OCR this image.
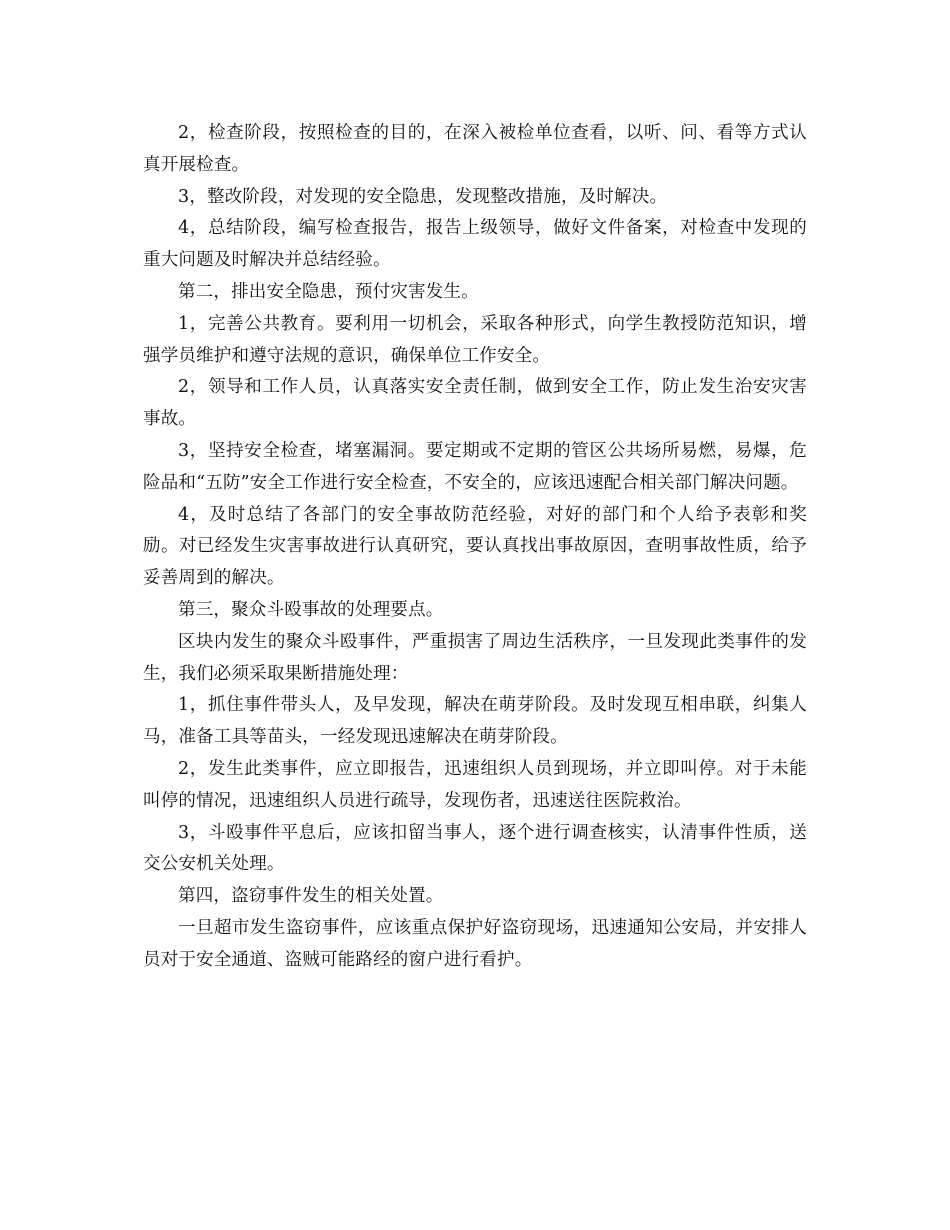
2，检查阶段，按照检查的目的，在深入被检单位查看，以听、问、看等方式认真开展检查。

3，整改阶段，对发现的安全隐患，发现整改措施，及时解决。

4，总结阶段，编写检查报告，报告上级领导，做好文件备案，对检查中发现的重大问题及时解决并总结经验。

第二，排出安全隐患，预付灾害发生。

1，完善公共教育。要利用一切机会，采取各种形式，向学生教授防范知识，增强学员维护和遵守法规的意识，确保单位工作安全。

2，领导和工作人员，认真落实安全责任制，做到安全工作，防止发生治安灾害事故。

3，坚持安全检查，堵塞漏洞。要定期或不定期的管区公共场所易燃，易爆，危险品和“五防”安全工作进行安全检查，不安全的，应该迅速配合相关部门解决问题。

4，及时总结了各部门的安全事故防范经验，对好的部门和个人给予表彰和奖励。对已经发生灾害事故进行认真研究，要认真找出事故原因，查明事故性质，给予妥善周到的解决。

第三，聚众斗殴事故的处理要点。

区块内发生的聚众斗殴事件，严重损害了周边生活秩序，一旦发现此类事件的发生，我们必须采取果断措施处理：

1，抓住事件带头人，及早发现，解决在萌芽阶段。及时发现互相串联，纠集人马，准备工具等苗头，一经发现迅速解决在萌芽阶段。

2，发生此类事件，应立即报告，迅速组织人员到现场，并立即叫停。对于未能叫停的情况，迅速组织人员进行疏导，发现伤者，迅速送往医院救治。

3，斗殴事件平息后，应该扣留当事人，逐个进行调查核实，认清事件性质，送交公安机关处理。

第四，盗窃事件发生的相关处置。

一旦超市发生盗窃事件，应该重点保护好盗窃现场，迅速通知公安局，并安排人员对于安全通道、盗贼可能路经的窗户进行看护。
